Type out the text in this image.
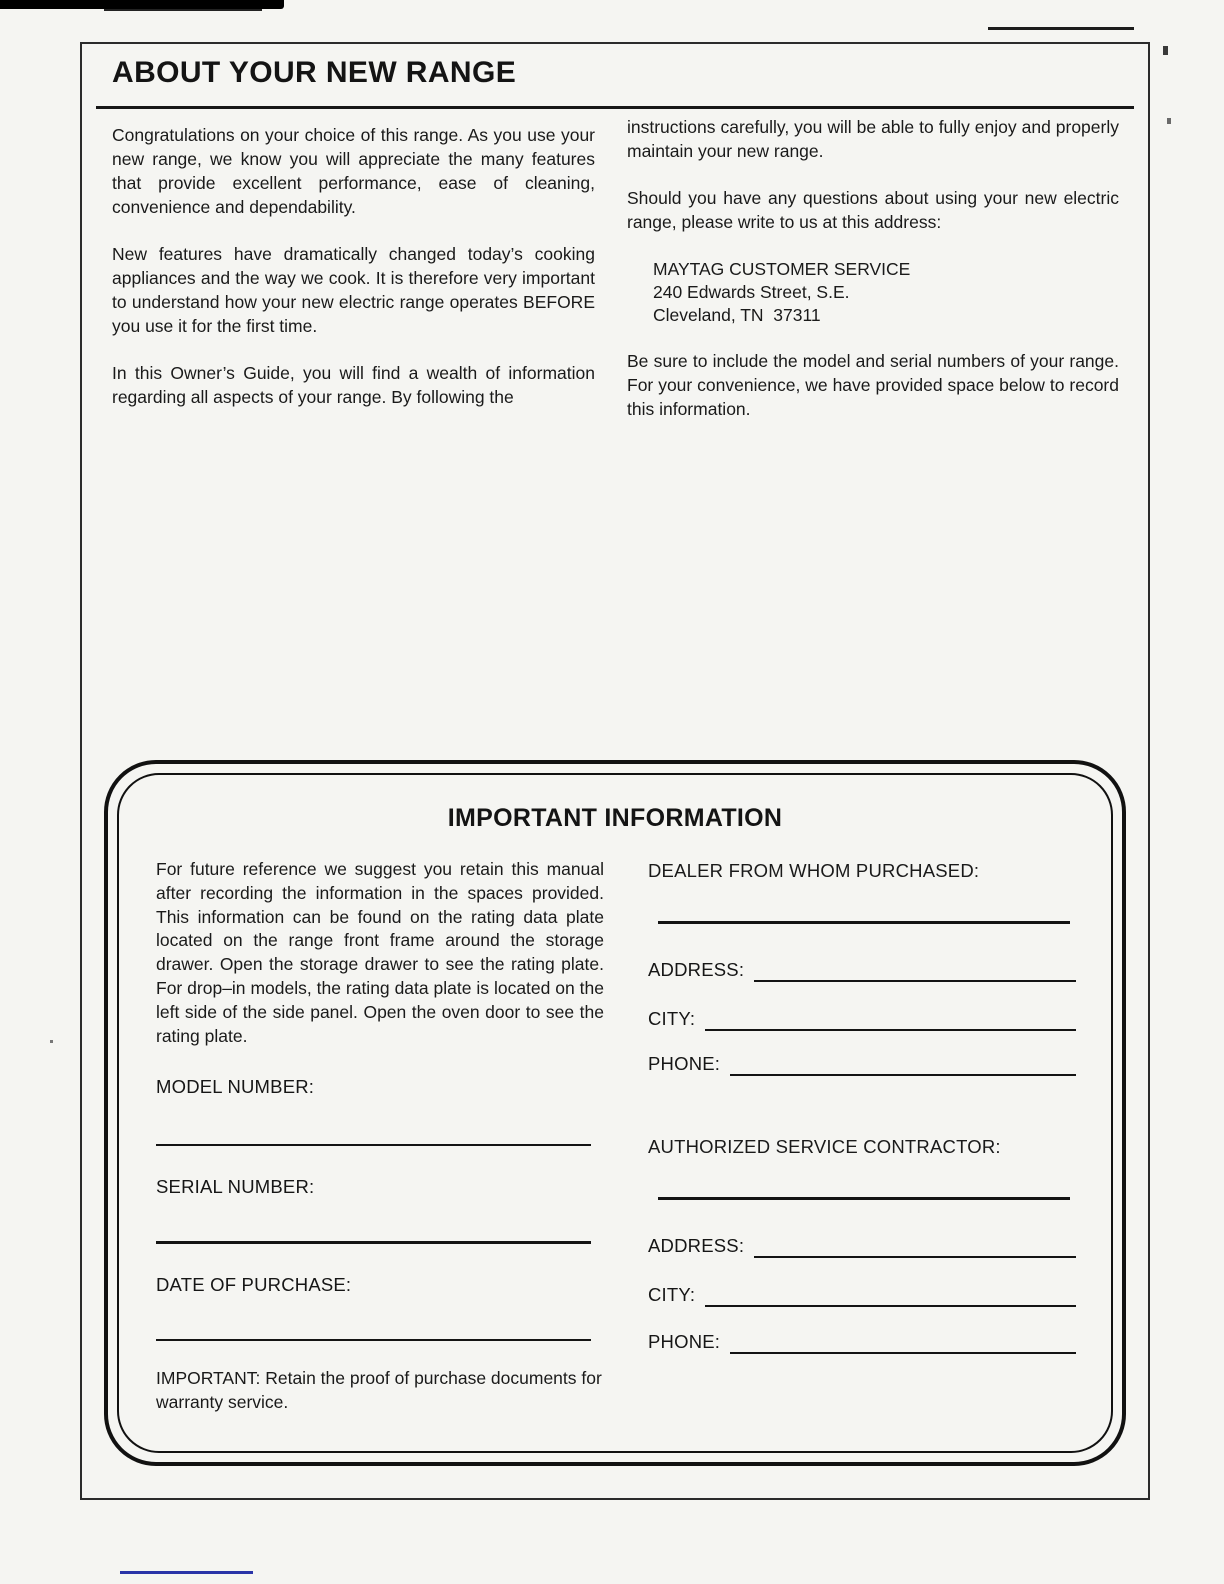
ABOUT YOUR NEW RANGE

Congratulations on your choice of this range. As you use your new range, we know you will appreciate the many features that provide excellent performance, ease of cleaning, convenience and dependability.

New features have dramatically changed today’s cooking appliances and the way we cook. It is therefore very important to understand how your new electric range operates BEFORE you use it for the first time.

In this Owner’s Guide, you will find a wealth of information regarding all aspects of your range. By following the

instructions carefully, you will be able to fully enjoy and properly maintain your new range.

Should you have any questions about using your new electric range, please write to us at this address:

MAYTAG CUSTOMER SERVICE
240 Edwards Street, S.E.
Cleveland, TN  37311

Be sure to include the model and serial numbers of your range. For your convenience, we have provided space below to record this information.

IMPORTANT INFORMATION

For future reference we suggest you retain this manual after recording the information in the spaces provided. This information can be found on the rating data plate located on the range front frame around the storage drawer. Open the storage drawer to see the rating plate. For drop–in models, the rating data plate is located on the left side of the side panel. Open the oven door to see the rating plate.

MODEL NUMBER:
SERIAL NUMBER:
DATE OF PURCHASE:

IMPORTANT: Retain the proof of purchase documents for warranty service.

DEALER FROM WHOM PURCHASED:
ADDRESS:
CITY:
PHONE:
AUTHORIZED SERVICE CONTRACTOR:
ADDRESS:
CITY:
PHONE:
